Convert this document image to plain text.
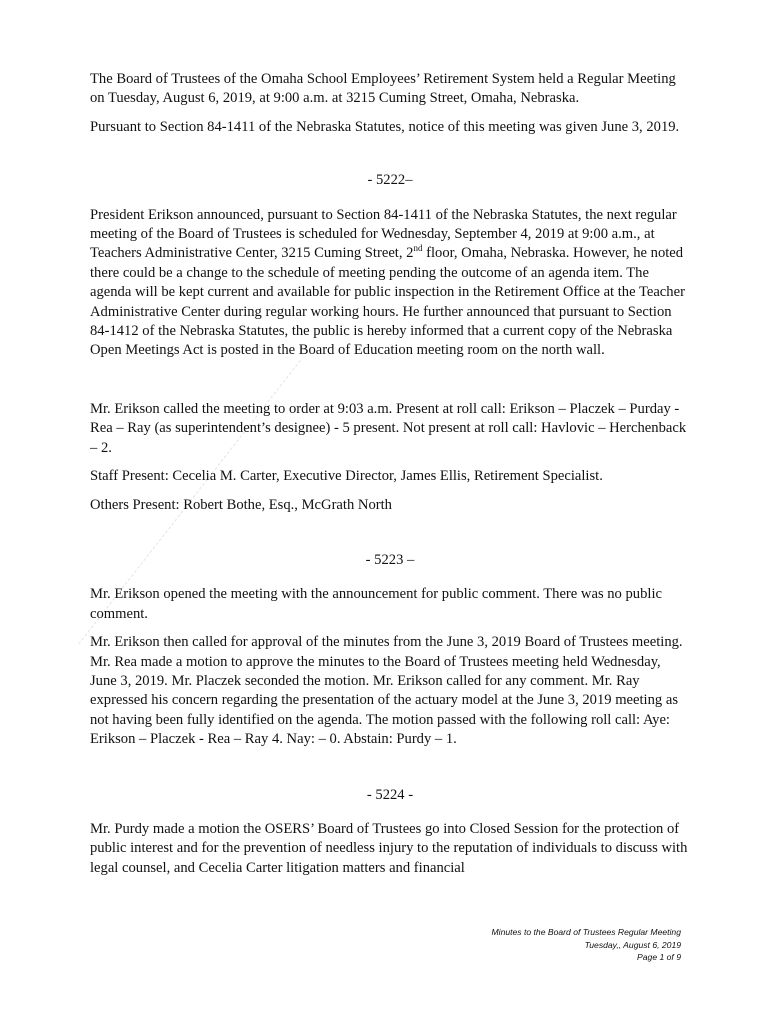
The Board of Trustees of the Omaha School Employees’ Retirement System held a Regular Meeting on Tuesday, August 6, 2019, at 9:00 a.m. at 3215 Cuming Street, Omaha, Nebraska.

Pursuant to Section 84-1411 of the Nebraska Statutes, notice of this meeting was given June 3, 2019.

- 5222–

President Erikson announced, pursuant to Section 84-1411 of the Nebraska Statutes, the next regular meeting of the Board of Trustees is scheduled for Wednesday, September 4, 2019 at 9:00 a.m., at Teachers Administrative Center, 3215 Cuming Street, 2nd floor, Omaha, Nebraska. However, he noted there could be a change to the schedule of meeting pending the outcome of an agenda item. The agenda will be kept current and available for public inspection in the Retirement Office at the Teacher Administrative Center during regular working hours. He further announced that pursuant to Section 84-1412 of the Nebraska Statutes, the public is hereby informed that a current copy of the Nebraska Open Meetings Act is posted in the Board of Education meeting room on the north wall.

Mr. Erikson called the meeting to order at 9:03 a.m. Present at roll call: Erikson – Placzek – Purday - Rea – Ray (as superintendent’s designee) - 5 present. Not present at roll call: Havlovic – Herchenback – 2.

Staff Present: Cecelia M. Carter, Executive Director, James Ellis, Retirement Specialist.

Others Present: Robert Bothe, Esq., McGrath North

- 5223 –

Mr. Erikson opened the meeting with the announcement for public comment. There was no public comment.

Mr. Erikson then called for approval of the minutes from the June 3, 2019 Board of Trustees meeting. Mr. Rea made a motion to approve the minutes to the Board of Trustees meeting held Wednesday, June 3, 2019. Mr. Placzek seconded the motion. Mr. Erikson called for any comment. Mr. Ray expressed his concern regarding the presentation of the actuary model at the June 3, 2019 meeting as not having been fully identified on the agenda. The motion passed with the following roll call: Aye: Erikson – Placzek - Rea – Ray 4. Nay: – 0. Abstain: Purdy – 1.

- 5224 -

Mr. Purdy made a motion the OSERS’ Board of Trustees go into Closed Session for the protection of public interest and for the prevention of needless injury to the reputation of individuals to discuss with legal counsel, and Cecelia Carter litigation matters and financial

Minutes to the Board of Trustees Regular Meeting
Tuesday,, August 6, 2019
Page 1 of 9
